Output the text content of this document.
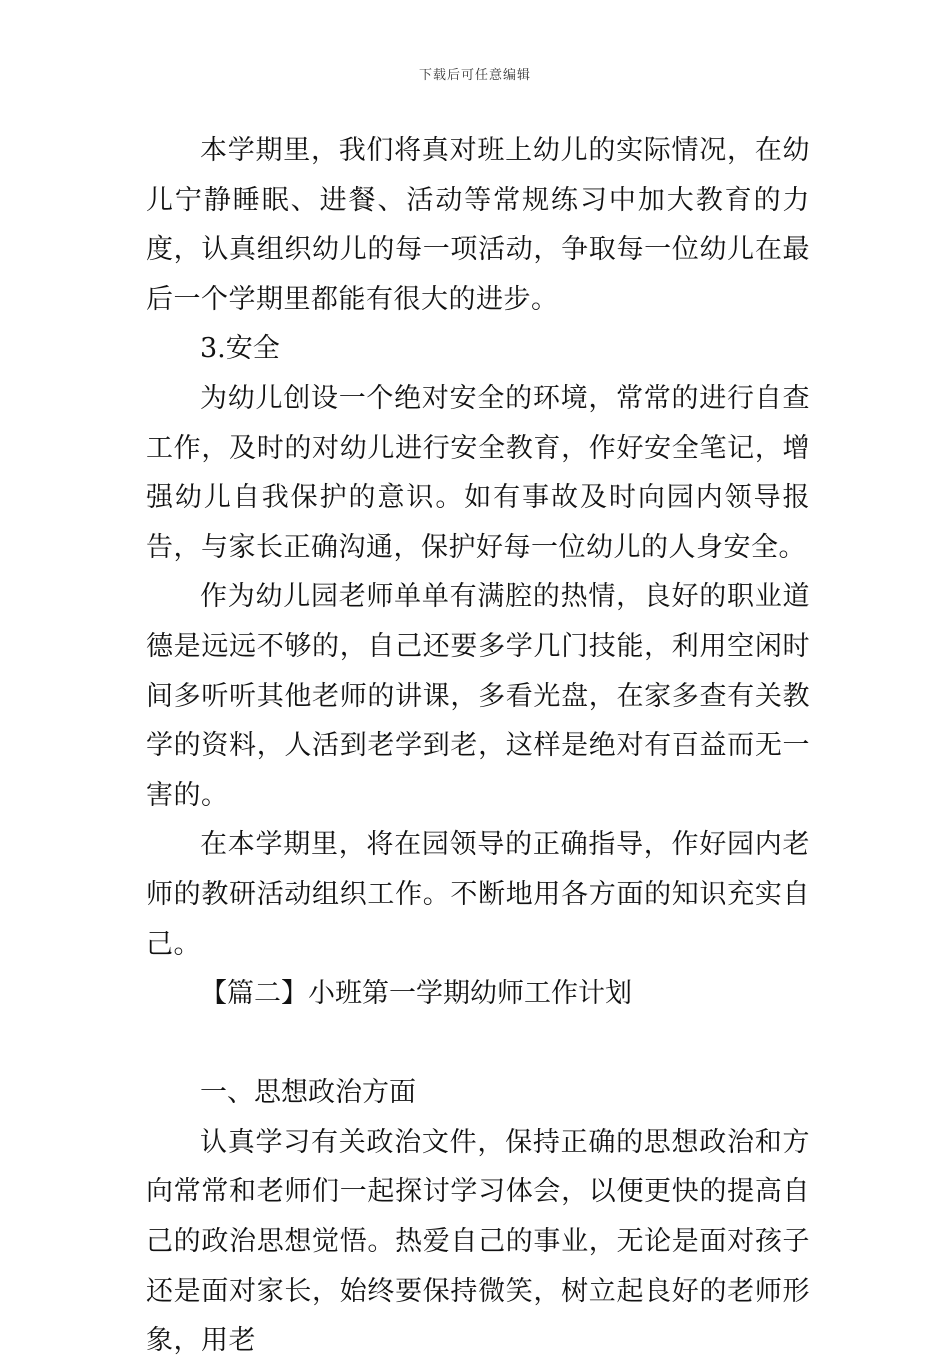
下载后可任意编辑

本学期里，我们将真对班上幼儿的实际情况，在幼儿宁静睡眠、进餐、活动等常规练习中加大教育的力度，认真组织幼儿的每一项活动，争取每一位幼儿在最后一个学期里都能有很大的进步。

3.安全

为幼儿创设一个绝对安全的环境，常常的进行自查工作，及时的对幼儿进行安全教育，作好安全笔记，增强幼儿自我保护的意识。如有事故及时向园内领导报告，与家长正确沟通，保护好每一位幼儿的人身安全。

作为幼儿园老师单单有满腔的热情，良好的职业道德是远远不够的，自己还要多学几门技能，利用空闲时间多听听其他老师的讲课，多看光盘，在家多查有关教学的资料，人活到老学到老，这样是绝对有百益而无一害的。

在本学期里，将在园领导的正确指导，作好园内老师的教研活动组织工作。不断地用各方面的知识充实自己。

【篇二】小班第一学期幼师工作计划

一、思想政治方面

认真学习有关政治文件，保持正确的思想政治和方向常常和老师们一起探讨学习体会，以便更快的提高自己的政治思想觉悟。热爱自己的事业，无论是面对孩子还是面对家长，始终要保持微笑，树立起良好的老师形象，用老
